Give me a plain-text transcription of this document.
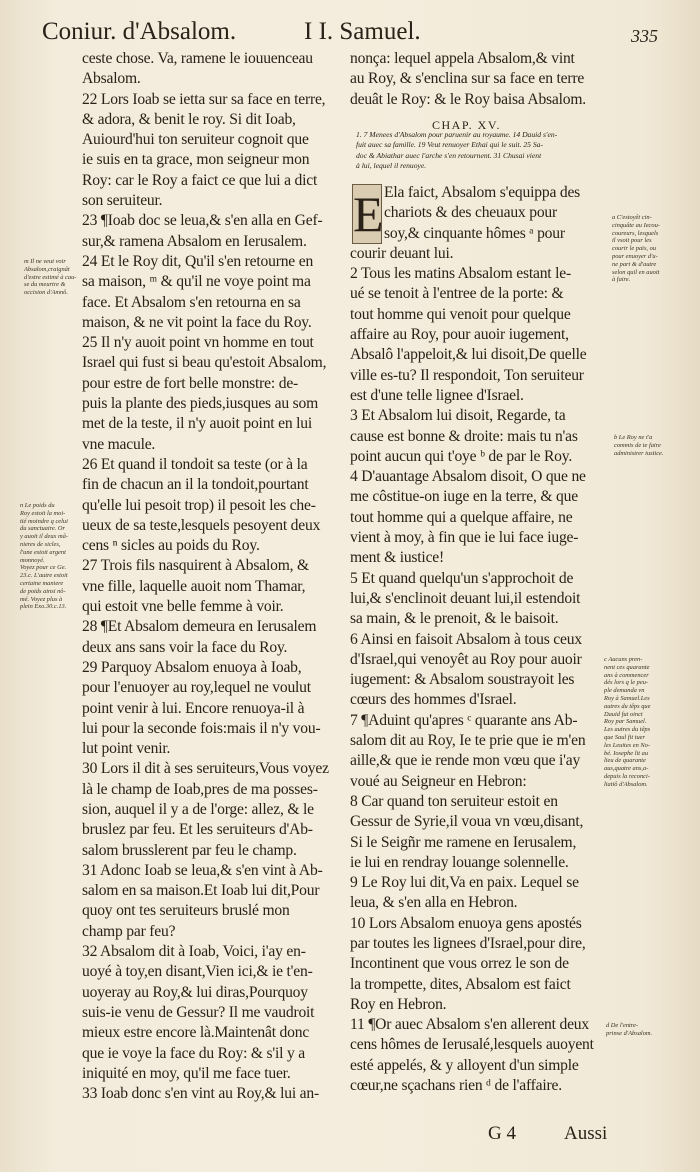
Coniur. d'Absalom.	I I. Samuel.	335
ceste chose. Va, ramene le iouuenceau
Absalom.
22 Lors Ioab se ietta sur sa face en terre,
& adora, & benit le roy. Si dit Ioab,
Auiourd'hui ton seruiteur cognoit que
ie suis en ta grace, mon seigneur mon
Roy: car le Roy a faict ce que lui a dict
son seruiteur.
23 ¶Ioab doc se leua,& s'en alla en Gef-
sur,& ramena Absalom en Ierusalem.
24 Et le Roy dit, Qu'il s'en retourne en
sa maison, ᵐ & qu'il ne voye point ma
face. Et Absalom s'en retourna en sa
maison, & ne vit point la face du Roy.
25 Il n'y auoit point vn homme en tout
Israel qui fust si beau qu'estoit Absalom,
pour estre de fort belle monstre: de-
puis la plante des pieds,iusques au som
met de la teste, il n'y auoit point en lui
vne macule.
26 Et quand il tondoit sa teste (or à la
fin de chacun an il la tondoit,pourtant
qu'elle lui pesoit trop) il pesoit les che-
ueux de sa teste,lesquels pesoyent deux
cens ⁿ sicles au poids du Roy.
27 Trois fils nasquirent à Absalom, &
vne fille, laquelle auoit nom Thamar,
qui estoit vne belle femme à voir.
28 ¶Et Absalom demeura en Ierusalem
deux ans sans voir la face du Roy.
29 Parquoy Absalom enuoya à Ioab,
pour l'enuoyer au roy,lequel ne voulut
point venir à lui. Encore renuoya-il à
lui pour la seconde fois:mais il n'y vou-
lut point venir.
30 Lors il dit à ses seruiteurs,Vous voyez
là le champ de Ioab,pres de ma posses-
sion, auquel il y a de l'orge: allez, & le
bruslez par feu. Et les seruiteurs d'Ab-
salom brusslerent par feu le champ.
31 Adonc Ioab se leua,& s'en vint à Ab-
salom en sa maison.Et Ioab lui dit,Pour
quoy ont tes seruiteurs bruslé mon
champ par feu?
32 Absalom dit à Ioab, Voici, i'ay en-
uoyé à toy,en disant,Vien ici,& ie t'en-
uoyeray au Roy,& lui diras,Pourquoy
suis-ie venu de Gessur? Il me vaudroit
mieux estre encore là.Maintenât donc
que ie voye la face du Roy: & s'il y a
iniquité en moy, qu'il me face tuer.
33 Ioab donc s'en vint au Roy,& lui an-
nonça: lequel appela Absalom,& vint
au Roy, & s'enclina sur sa face en terre
deuât le Roy: & le Roy baisa Absalom.
CHAP. XV.
1. 7 Menees d'Absalom pour paruenir au royaume. 14 Dauid s'en-
fuit auec sa famille. 19 Veut renuoyer Ethai qui le suit. 25 Sa-
doc & Abiathar auec l'arche s'en retournent. 31 Chusai vient
à lui, lequel il renuoye.
E Ela faict, Absalom s'equippa des
chariots & des cheuaux pour
soy,& cinquante hômes ᵃ pour
courir deuant lui.
2 Tous les matins Absalom estant le-
ué se tenoit à l'entree de la porte: &
tout homme qui venoit pour quelque
affaire au Roy, pour auoir iugement,
Absalô l'appeloit,& lui disoit,De quelle
ville es-tu? Il respondoit, Ton seruiteur
est d'une telle lignee d'Israel.
3 Et Absalom lui disoit, Regarde, ta
cause est bonne & droite: mais tu n'as
point aucun qui t'oye ᵇ de par le Roy.
4 D'auantage Absalom disoit, O que ne
me côstitue-on iuge en la terre, & que
tout homme qui a quelque affaire, ne
vient à moy, à fin que ie lui face iuge-
ment & iustice!
5 Et quand quelqu'un s'approchoit de
lui,& s'enclinoit deuant lui,il estendoit
sa main, & le prenoit, & le baisoit.
6 Ainsi en faisoit Absalom à tous ceux
d'Israel,qui venoyêt au Roy pour auoir
iugement: & Absalom soustrayoit les
cœurs des hommes d'Israel.
7 ¶Aduint qu'apres ᶜ quarante ans Ab-
salom dit au Roy, Ie te prie que ie m'en
aille,& que ie rende mon vœu que i'ay
voué au Seigneur en Hebron:
8 Car quand ton seruiteur estoit en
Gessur de Syrie,il voua vn vœu,disant,
Si le Seigñr me ramene en Ierusalem,
ie lui en rendray louange solennelle.
9 Le Roy lui dit,Va en paix. Lequel se
leua, & s'en alla en Hebron.
10 Lors Absalom enuoya gens apostés
par toutes les lignees d'Israel,pour dire,
Incontinent que vous orrez le son de
la trompette, dites, Absalom est faict
Roy en Hebron.
11 ¶Or auec Absalom s'en allerent deux
cens hômes de Ierusalé,lesquels auoyent
esté appelés, & y alloyent d'un simple
cœur,ne sçachans rien ᵈ de l'affaire.
m Il ne veut voir
Absalom,craignât
d'estre estimé à cau-
se du meurtre &
occision d'Amnô.
n Le poids du
Roy estoit la moi-
tié moindre q celui
du sanctuaire. Or
y auoit il deux mâ-
nieres de sicles,
l'une estoit argent
monnoyé.
Voyez pour ce Ge.
23.c. L'autre estoit
certaine maniere
de poids ainsi nô-
mé. Voyez plus à
plein Exo.30.c.13.
a C'estoyêt cin-
cinquâte au Iecou-
coureurs, lesquels
il vsoit pour les
courir le païs, ou
pour enuoyer d'u-
ne part & d'autre
selon quil en auoit
à faire.
b Le Roy ne t'a
commis de te faire
administrer iustice.
c Aucuns pren-
nent ces quarante
ans à commencer
dés lors q le peu-
ple demanda vn
Roy à Samuel.Les
autres du têps que
Dauid fut oinct
Roy par Samuel.
Les autres du têps
que Saul fit tuer
les Leuites en No-
bé. Iosephe lit au
lieu de quarante
aus,quatre ans,a-
depuis la reconci-
liatiô d'Absalom.
d De l'entre-
prinse d'Absalom.
G 4	Aussi
